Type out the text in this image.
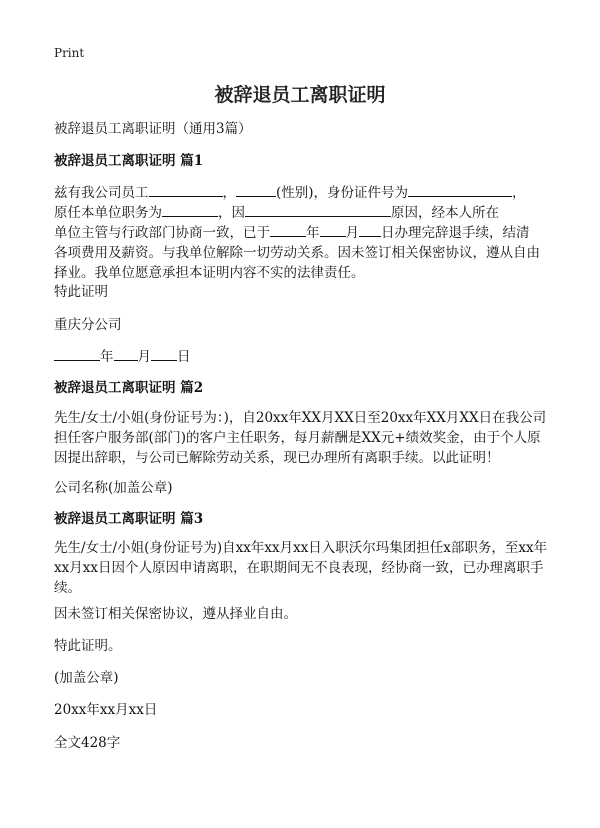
Print
被辞退员工离职证明

被辞退员工离职证明（通用3篇）

被辞退员工离职证明 篇1

兹有我公司员工	，	(性别)，身份证件号为	，
原任本单位职务为	，因	原因，经本人所在
单位主管与行政部门协商一致，已于	年 月 日办理完辞退手续，结清
各项费用及薪资。与我单位解除一切劳动关系。因未签订相关保密协议，遵从自由
择业。我单位愿意承担本证明内容不实的法律责任。

特此证明

重庆分公司

年 月 日

被辞退员工离职证明 篇2

先生/女士/小姐(身份证号为：)，自20xx年XX月XX日至20xx年XX月XX日在我公司
担任客户服务部(部门)的客户主任职务，每月薪酬是XX元+绩效奖金，由于个人原
因提出辞职，与公司已解除劳动关系，现已办理所有离职手续。以此证明！

公司名称(加盖公章)

被辞退员工离职证明 篇3

先生/女士/小姐(身份证号为)自xx年xx月xx日入职沃尔玛集团担任x部职务，至xx年
xx月xx日因个人原因申请离职，在职期间无不良表现，经协商一致，已办理离职手
续。

因未签订相关保密协议，遵从择业自由。

特此证明。

(加盖公章)

20xx年xx月xx日

全文428字
